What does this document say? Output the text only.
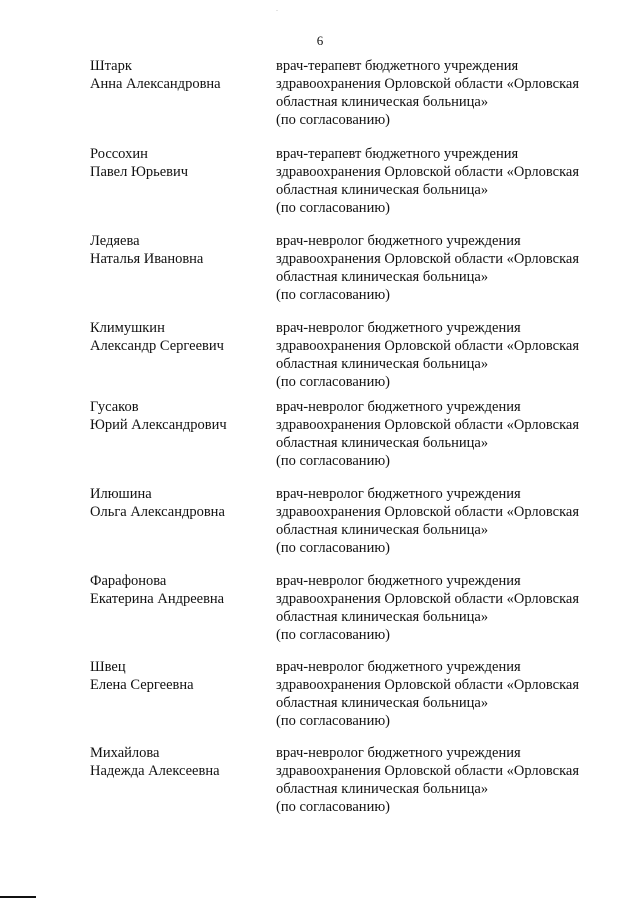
.
6
Штарк
Анна Александровна
врач-терапевт бюджетного учреждения
здравоохранения Орловской области «Орловская
областная клиническая больница»
(по согласованию)
Россохин
Павел Юрьевич
врач-терапевт бюджетного учреждения
здравоохранения Орловской области «Орловская
областная клиническая больница»
(по согласованию)
Ледяева
Наталья Ивановна
врач-невролог бюджетного учреждения
здравоохранения Орловской области «Орловская
областная клиническая больница»
(по согласованию)
Климушкин
Александр Сергеевич
врач-невролог бюджетного учреждения
здравоохранения Орловской области «Орловская
областная клиническая больница»
(по согласованию)
Гусаков
Юрий Александрович
врач-невролог бюджетного учреждения
здравоохранения Орловской области «Орловская
областная клиническая больница»
(по согласованию)
Илюшина
Ольга Александровна
врач-невролог бюджетного учреждения
здравоохранения Орловской области «Орловская
областная клиническая больница»
(по согласованию)
Фарафонова
Екатерина Андреевна
врач-невролог бюджетного учреждения
здравоохранения Орловской области «Орловская
областная клиническая больница»
(по согласованию)
Швец
Елена Сергеевна
врач-невролог бюджетного учреждения
здравоохранения Орловской области «Орловская
областная клиническая больница»
(по согласованию)
Михайлова
Надежда Алексеевна
врач-невролог бюджетного учреждения
здравоохранения Орловской области «Орловская
областная клиническая больница»
(по согласованию)
